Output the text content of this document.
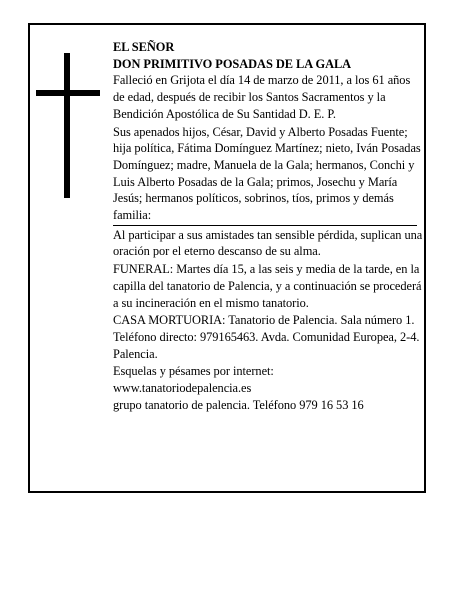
EL SEÑOR

DON PRIMITIVO POSADAS DE LA GALA

Falleció en Grijota el día 14 de marzo de 2011, a los 61 años de edad, después de recibir los Santos Sacramentos y la Bendición Apostólica de Su Santidad D. E. P.

Sus apenados hijos, César, David y Alberto Posadas Fuente; hija política, Fátima Domínguez Martínez; nieto, Iván Posadas Domínguez; madre, Manuela de la Gala; hermanos, Conchi y Luis Alberto Posadas de la Gala; primos, Josechu y María Jesús; hermanos políticos, sobrinos, tíos, primos y demás familia:

Al participar a sus amistades tan sensible pérdida, suplican una oración por el eterno descanso de su alma.

FUNERAL: Martes día 15, a las seis y media de la tarde, en la capilla del tanatorio de Palencia, y a continuación se procederá a su incineración en el mismo tanatorio.

CASA MORTUORIA: Tanatorio de Palencia. Sala número 1. Teléfono directo: 979165463. Avda. Comunidad Europea, 2-4. Palencia.

Esquelas y pésames por internet:

www.tanatoriodepalencia.es

grupo tanatorio de palencia. Teléfono 979 16 53 16
